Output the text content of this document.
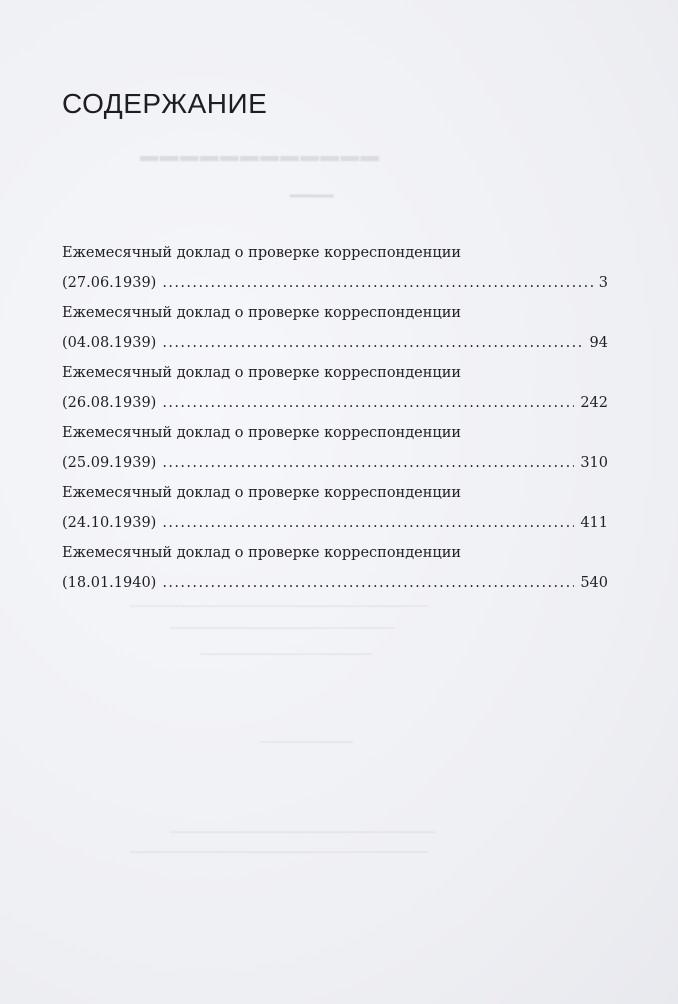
━━━━━━━━━━━━
━━━━
─────────────────────────────────────────────
──────────────────────────────────
──────────────────────────
──────────────
────────────────────────────────────────
─────────────────────────────────────────────
СОДЕРЖАНИЕ
Ежемесячный доклад о проверке корреспонденции
(27.06.1939) . . .	3
Ежемесячный доклад о проверке корреспонденции
(04.08.1939) . . .	94
Ежемесячный доклад о проверке корреспонденции
(26.08.1939) . . .	242
Ежемесячный доклад о проверке корреспонденции
(25.09.1939) . . .	310
Ежемесячный доклад о проверке корреспонденции
(24.10.1939) . . .	411
Ежемесячный доклад о проверке корреспонденции
(18.01.1940) . . .	540
